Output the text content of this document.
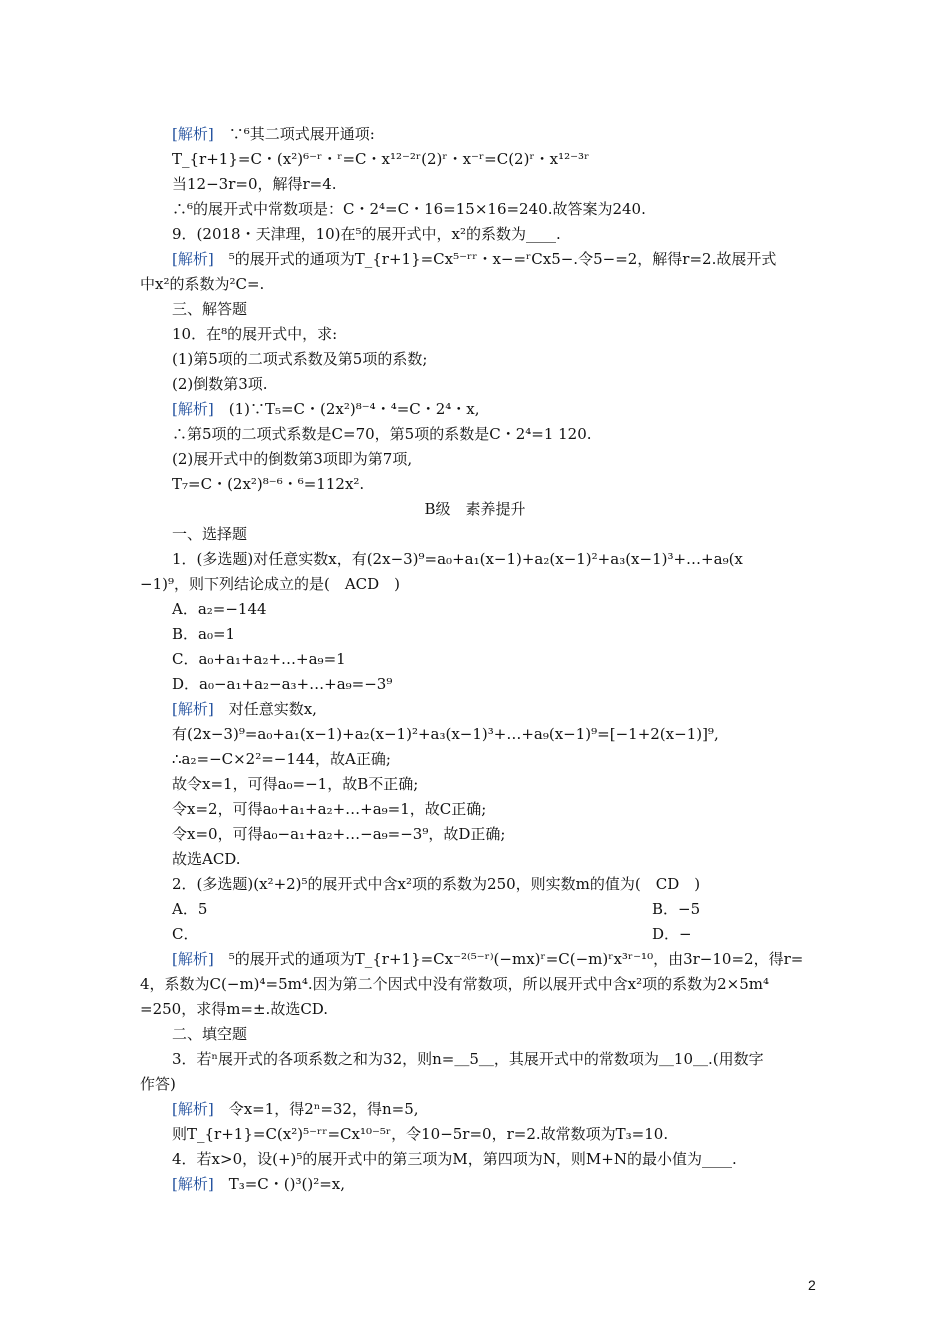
[解析]　∵⁶其二项式展开通项:
T_{r+1}=C・(x²)⁶⁻ʳ・ʳ=C・x¹²⁻²ʳ(2)ʳ・x⁻ʳ=C(2)ʳ・x¹²⁻³ʳ
当12−3r=0，解得r=4.
∴⁶的展开式中常数项是：C・2⁴=C・16=15×16=240.故答案为240.
9．(2018・天津理，10)在⁵的展开式中，x²的系数为____.
[解析]　⁵的展开式的通项为T_{r+1}=Cx⁵⁻ʳʳ・x−=ʳCx5−.令5−=2，解得r=2.故展开式
中x²的系数为²C=.
三、解答题
10．在⁸的展开式中，求:
(1)第5项的二项式系数及第5项的系数;
(2)倒数第3项.
[解析]　(1)∵T₅=C・(2x²)⁸⁻⁴・⁴=C・2⁴・x,
∴第5项的二项式系数是C=70，第5项的系数是C・2⁴=1 120.
(2)展开式中的倒数第3项即为第7项,
T₇=C・(2x²)⁸⁻⁶・⁶=112x².
B级　素养提升
一、选择题
1．(多选题)对任意实数x，有(2x−3)⁹=a₀+a₁(x−1)+a₂(x−1)²+a₃(x−1)³+…+a₉(x
−1)⁹，则下列结论成立的是(　ACD　)
A．a₂=−144
B．a₀=1
C．a₀+a₁+a₂+…+a₉=1
D．a₀−a₁+a₂−a₃+…+a₉=−3⁹
[解析]　对任意实数x,
有(2x−3)⁹=a₀+a₁(x−1)+a₂(x−1)²+a₃(x−1)³+…+a₉(x−1)⁹=[−1+2(x−1)]⁹,
∴a₂=−C×2²=−144，故A正确;
故令x=1，可得a₀=−1，故B不正确;
令x=2，可得a₀+a₁+a₂+…+a₉=1，故C正确;
令x=0，可得a₀−a₁+a₂+…−a₉=−3⁹，故D正确;
故选ACD.
2．(多选题)(x²+2)⁵的展开式中含x²项的系数为250，则实数m的值为(　CD　)
A．5	B．−5
C．	D．−
[解析]　⁵的展开式的通项为T_{r+1}=Cx⁻²⁽⁵⁻ʳ⁾(−mx)ʳ=C(−m)ʳx³ʳ⁻¹⁰，由3r−10=2，得r=
4，系数为C(−m)⁴=5m⁴.因为第二个因式中没有常数项，所以展开式中含x²项的系数为2×5m⁴
=250，求得m=±.故选CD.
二、填空题
3．若ⁿ展开式的各项系数之和为32，则n=＿5＿，其展开式中的常数项为＿10＿.(用数字
作答)
[解析]　令x=1，得2ⁿ=32，得n=5,
则T_{r+1}=C(x²)⁵⁻ʳʳ=Cx¹⁰⁻⁵ʳ，令10−5r=0，r=2.故常数项为T₃=10.
4．若x>0，设(+)⁵的展开式中的第三项为M，第四项为N，则M+N的最小值为____.
[解析]　T₃=C・()³()²=x,
2
